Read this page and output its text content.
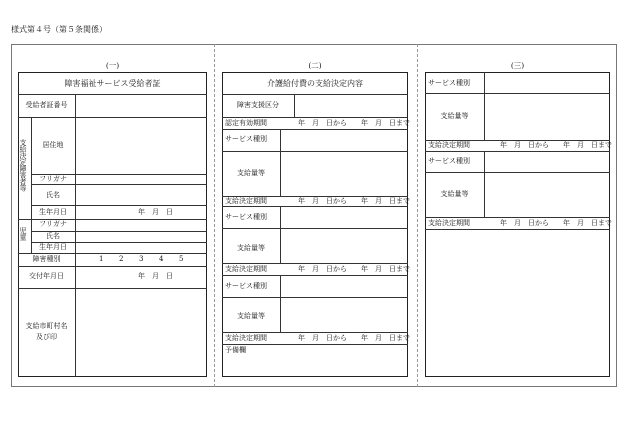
様式第４号（第５条関係）
(一)	(二)	(三)
障害福祉サービス受給者証
受給者証番号
支給決定障害者等	居住地
フリガナ
氏名
生年月日	年　月　日
児童
フリガナ
氏名
生年月日
障害種別	1 2 3 4 5
交付年月日	年　月　日
支給市町村名
及び印
介護給付費の支給決定内容
障害支援区分
認定有効期間	年　月　日から　　年　月　日まで
サービス種別
支給量等
支給決定期間	年　月　日から　　年　月　日まで
サービス種別
支給量等
支給決定期間	年　月　日から　　年　月　日まで
サービス種別
支給量等
支給決定期間	年　月　日から　　年　月　日まで
予備欄
サービス種別
支給量等
支給決定期間	年　月　日から　　年　月　日まで
サービス種別
支給量等
支給決定期間	年　月　日から　　年　月　日まで
